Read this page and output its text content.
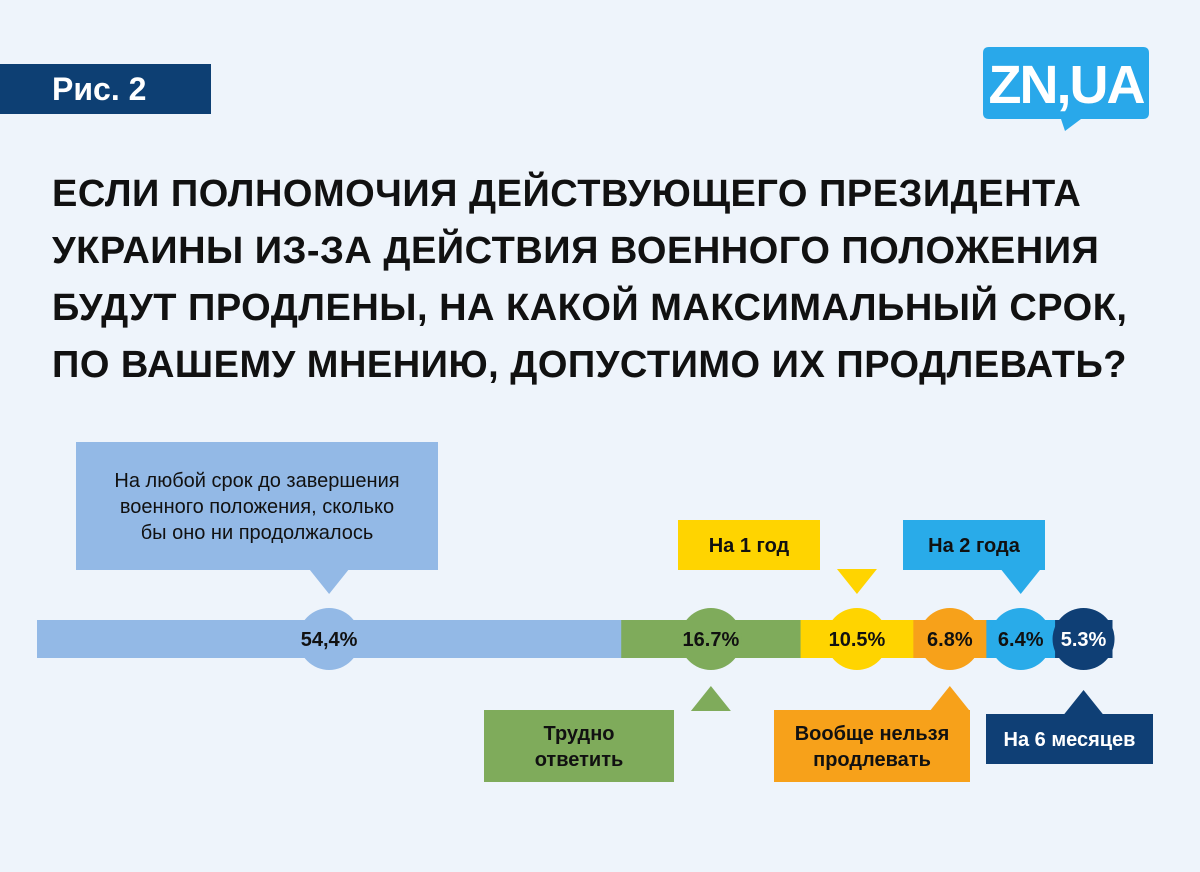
Рис. 2	ZN,UA
ЕСЛИ ПОЛНОМОЧИЯ ДЕЙСТВУЮЩЕГО ПРЕЗИДЕНТА УКРАИНЫ ИЗ-ЗА ДЕЙСТВИЯ ВОЕННОГО ПОЛОЖЕНИЯ БУДУТ ПРОДЛЕНЫ, НА КАКОЙ МАКСИМАЛЬНЫЙ СРОК, ПО ВАШЕМУ МНЕНИЮ, ДОПУСТИМО ИХ ПРОДЛЕВАТЬ?
На любой срок до завершения военного положения, сколько бы оно ни продолжалось
Трудно ответить
На 1 год
Вообще нельзя продлевать
На 2 года
На 6 месяцев
54,4%	16.7%	10.5% 6.8% 6.4% 5.3%
